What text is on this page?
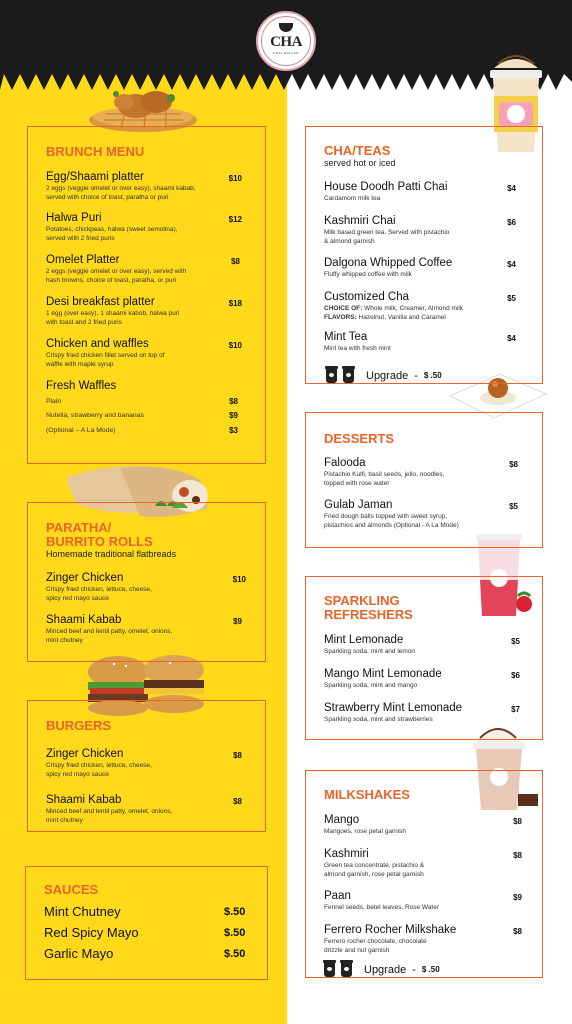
CHA
CHAI WALLAH
BRUNCH MENU
Egg/Shaami platter
2 eggs (veggie omelet or over easy), shaami kabab,
served with choice of toast, paratha or puri
$10
Halwa Puri
Potatoes, chickpeas, halwa (sweet semolina),
served with 2 fried puris
$12
Omelet Platter
2 eggs (veggie omelet or over easy), served with
hash browns, choice of toast, paratha, or puri
$8
Desi breakfast platter
1 egg (over easy), 1 shaami kabob, halwa puri
with toast and 2 fried puris
$18
Chicken and waffles
Crispy fried chicken fillet served on top of
waffle with maple syrup
$10
Fresh Waffles
Plain	$8
Nutella, strawberry and bananas	$9
(Optional – A La Mode)	$3
PARATHA/
BURRITO ROLLS
Homemade traditional flatbreads
Zinger Chicken
Crispy fried chicken, lettuce, cheese,
spicy red mayo sauce
$10
Shaami Kabab
Minced beef and lentil patty, omelet, onions,
mint chutney
$9
BURGERS
Zinger Chicken
Crispy fried chicken, lettuce, cheese,
spicy red mayo sauce
$8
Shaami Kabab
Minced beef and lentil patty, omelet, onions,
mint chutney
$8
SAUCES
Mint Chutney	$.50
Red Spicy Mayo	$.50
Garlic Mayo	$.50
CHA/TEAS
served hot or iced
House Doodh Patti Chai
Cardamom milk tea
$4
Kashmiri Chai
Milk based green tea. Served with pistachio
& almond garnish
$6
Dalgona Whipped Coffee
Fluffy whipped coffee with milk
$4
Customized Cha
CHOICE OF: Whole milk, Creamer, Almond milk
FLAVORS: Hazelnut, Vanilla and Caramel
$5
Mint Tea
Mint tea with fresh mint
$4
Upgrade - $ .50
DESSERTS
Falooda
Pistachio Kulfi, basil seeds, jello, noodles,
topped with rose water
$8
Gulab Jaman
Fried dough balls topped with sweet syrup,
pistachios and almonds (Optional - A La Mode)
$5
SPARKLING
REFRESHERS
Mint Lemonade
Sparkling soda, mint and lemon
$5
Mango Mint Lemonade
Sparkling soda, mint and mango
$6
Strawberry Mint Lemonade
Sparkling soda, mint and strawberries
$7
MILKSHAKES
Mango
Mangoes, rose petal garnish
$8
Kashmiri
Green tea concentrate, pistachio &
almond garnish, rose petal garnish
$8
Paan
Fennel seeds, betel leaves, Rose Water
$9
Ferrero Rocher Milkshake
Ferrero rocher chocolate, chocolate
drizzle and nut garnish
$8
Upgrade - $ .50
